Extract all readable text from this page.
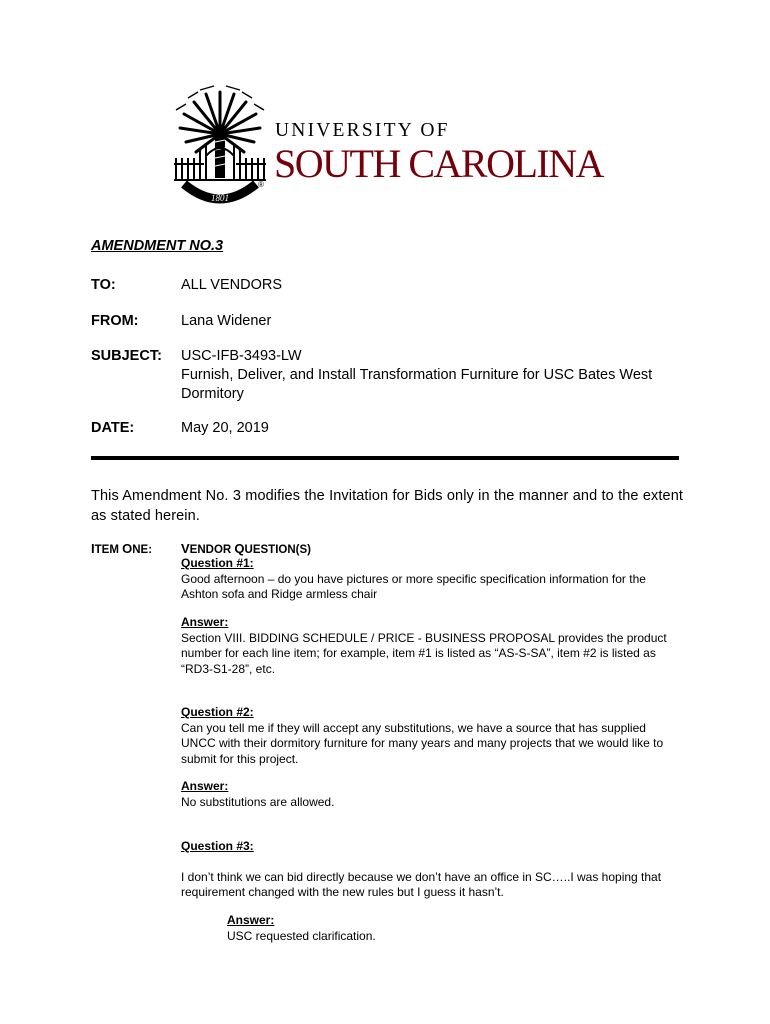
1801
®
UNIVERSITY OF
SOUTH CAROLINA
AMENDMENT NO.3
TO:	ALL VENDORS
FROM:	Lana Widener
SUBJECT: USC-IFB-3493-LW
Furnish, Deliver, and Install Transformation Furniture for USC Bates West
Dormitory
DATE:	May 20, 2019
This Amendment No. 3 modifies the Invitation for Bids only in the manner and to the extent as stated herein.
ITEM ONE: VENDOR QUESTION(S)
Question #1:
Good afternoon – do you have pictures or more specific specification information for the Ashton sofa and Ridge armless chair
Answer:
Section VIII. BIDDING SCHEDULE / PRICE - BUSINESS PROPOSAL provides the product number for each line item; for example, item #1 is listed as “AS-S-SA”, item #2 is listed as “RD3-S1-28”, etc.
Question #2:
Can you tell me if they will accept any substitutions, we have a source that has supplied UNCC with their dormitory furniture for many years and many projects that we would like to submit for this project.
Answer:
No substitutions are allowed.
Question #3:
I don’t think we can bid directly because we don’t have an office in SC…..I was hoping that requirement changed with the new rules but I guess it hasn’t.
Answer:
USC requested clarification.
